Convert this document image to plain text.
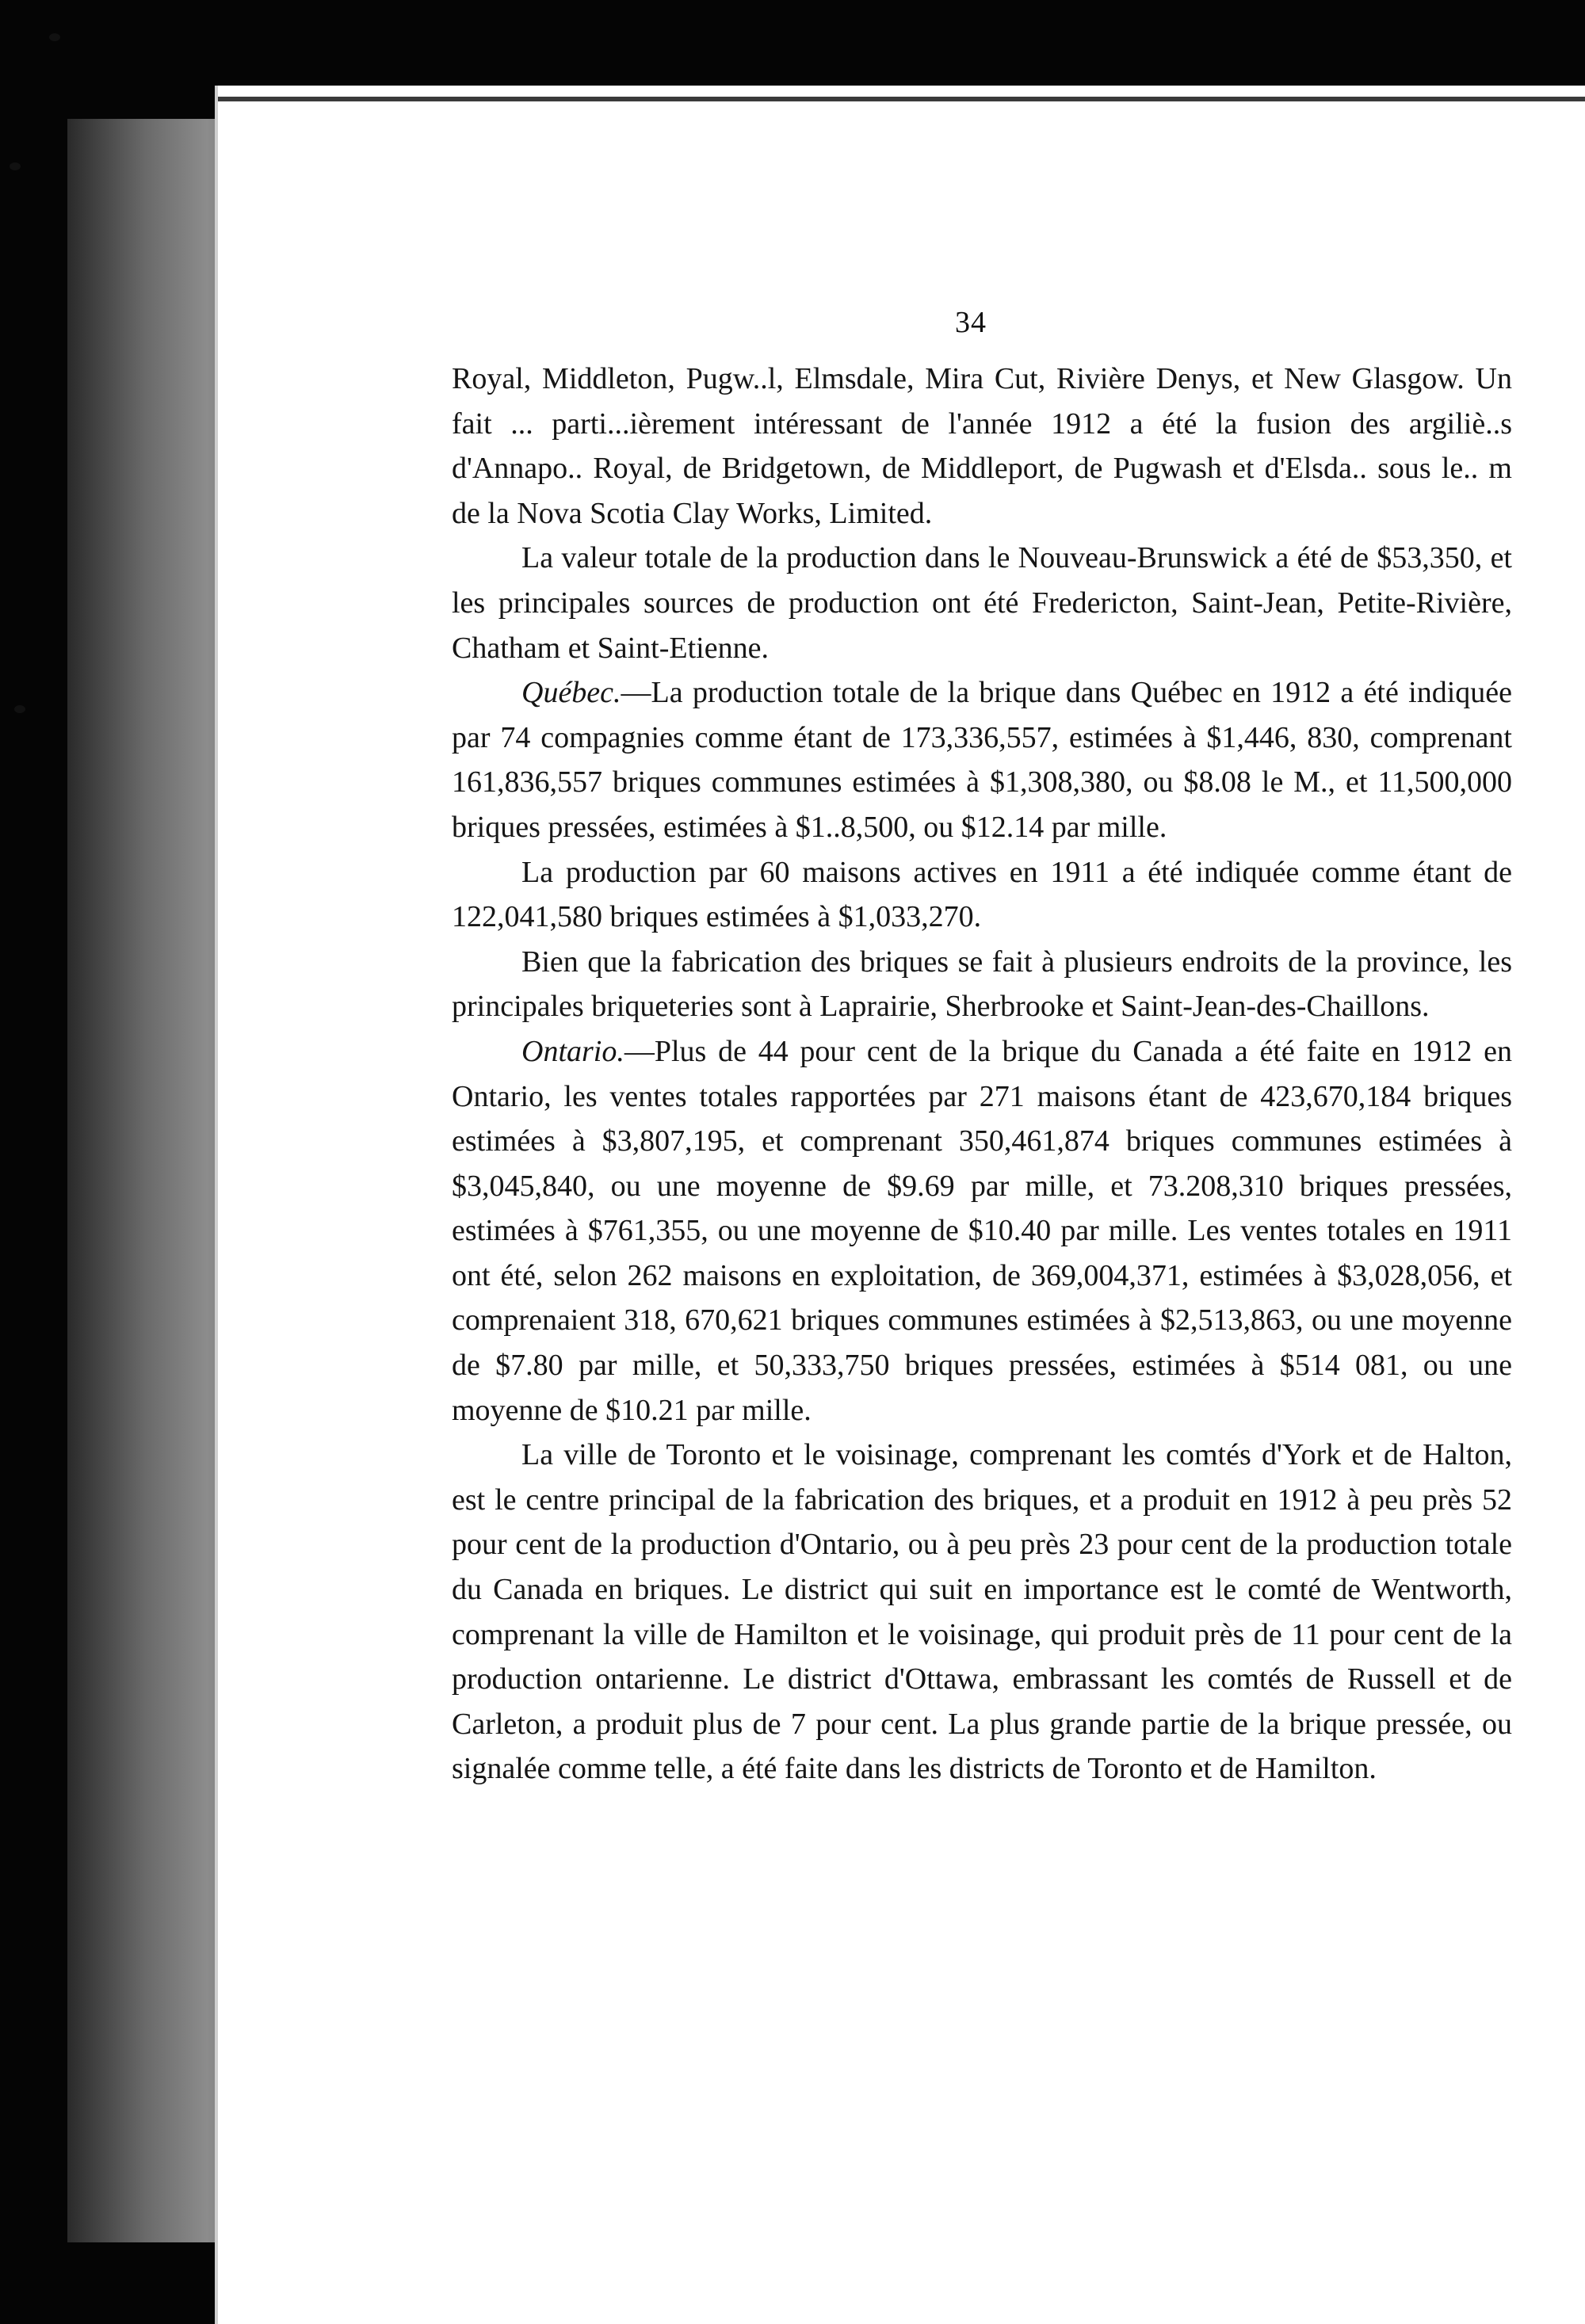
34

Royal, Middleton, Pugw..l, Elmsdale, Mira Cut, Rivière Denys, et New Glasgow. Un fait ... parti...ièrement intéressant de l'année 1912 a été la fusion des argiliè..s d'Annapo.. Royal, de Bridgetown, de Middleport, de Pugwash et d'Elsda.. sous le.. m de la Nova Scotia Clay Works, Limited.

La valeur totale de la production dans le Nouveau-Brunswick a été de $53,350, et les principales sources de production ont été Fredericton, Saint-Jean, Petite-Rivière, Chatham et Saint-Etienne.

Québec.—La production totale de la brique dans Québec en 1912 a été indiquée par 74 compagnies comme étant de 173,336,557, estimées à $1,446, 830, comprenant 161,836,557 briques communes estimées à $1,308,380, ou $8.08 le M., et 11,500,000 briques pressées, estimées à $1..8,500, ou $12.14 par mille.

La production par 60 maisons actives en 1911 a été indiquée comme étant de 122,041,580 briques estimées à $1,033,270.

Bien que la fabrication des briques se fait à plusieurs endroits de la province, les principales briqueteries sont à Laprairie, Sherbrooke et Saint-Jean-des-Chaillons.

Ontario.—Plus de 44 pour cent de la brique du Canada a été faite en 1912 en Ontario, les ventes totales rapportées par 271 maisons étant de 423,670,184 briques estimées à $3,807,195, et comprenant 350,461,874 briques communes estimées à $3,045,840, ou une moyenne de $9.69 par mille, et 73.208,310 briques pressées, estimées à $761,355, ou une moyenne de $10.40 par mille. Les ventes totales en 1911 ont été, selon 262 maisons en exploitation, de 369,004,371, estimées à $3,028,056, et comprenaient 318, 670,621 briques communes estimées à $2,513,863, ou une moyenne de $7.80 par mille, et 50,333,750 briques pressées, estimées à $514 081, ou une moyenne de $10.21 par mille.

La ville de Toronto et le voisinage, comprenant les comtés d'York et de Halton, est le centre principal de la fabrication des briques, et a produit en 1912 à peu près 52 pour cent de la production d'Ontario, ou à peu près 23 pour cent de la production totale du Canada en briques. Le district qui suit en importance est le comté de Wentworth, comprenant la ville de Hamilton et le voisinage, qui produit près de 11 pour cent de la production ontarienne. Le district d'Ottawa, embrassant les comtés de Russell et de Carleton, a produit plus de 7 pour cent. La plus grande partie de la brique pressée, ou signalée comme telle, a été faite dans les districts de Toronto et de Hamilton.
